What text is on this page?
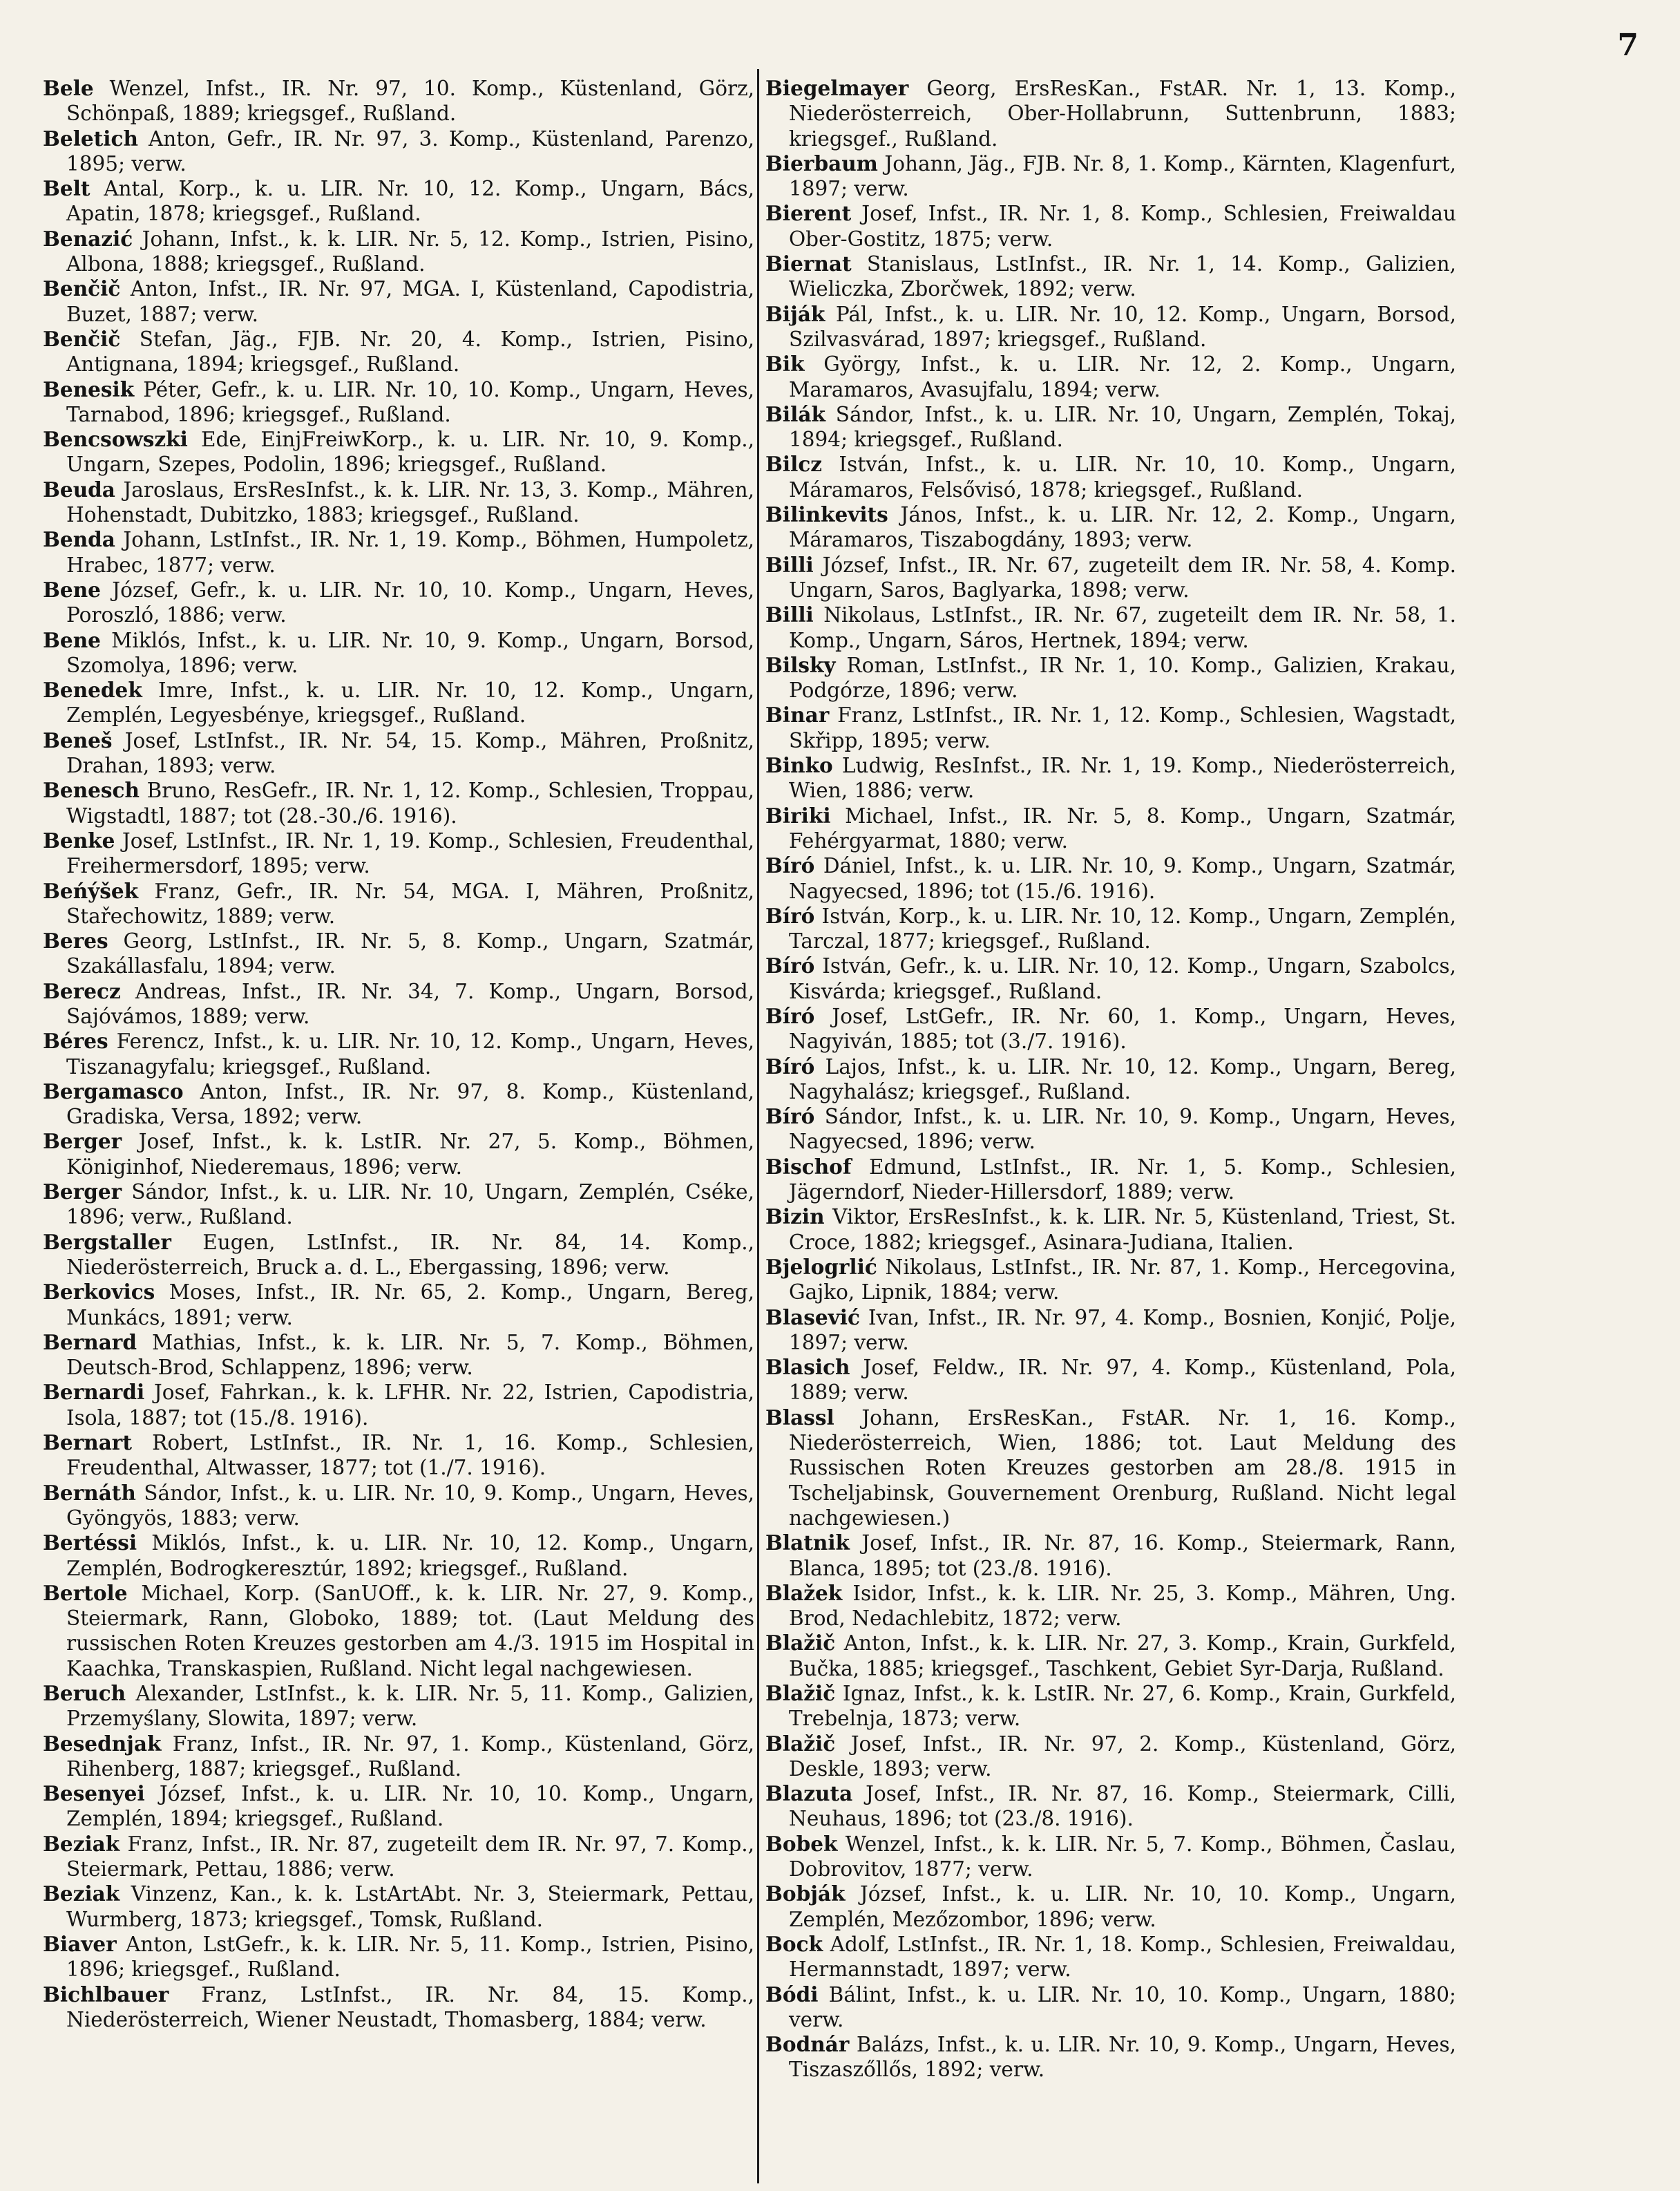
7
Bele Wenzel, Infst., IR. Nr. 97, 10. Komp., Küstenland, Görz, Schönpaß, 1889; kriegsgef., Rußland.
Beletich Anton, Gefr., IR. Nr. 97, 3. Komp., Küstenland, Parenzo, 1895; verw.
Belt Antal, Korp., k. u. LIR. Nr. 10, 12. Komp., Ungarn, Bács, Apatin, 1878; kriegsgef., Rußland.
Benazić Johann, Infst., k. k. LIR. Nr. 5, 12. Komp., Istrien, Pisino, Albona, 1888; kriegsgef., Rußland.
Benčič Anton, Infst., IR. Nr. 97, MGA. I, Küstenland, Capodistria, Buzet, 1887; verw.
Benčič Stefan, Jäg., FJB. Nr. 20, 4. Komp., Istrien, Pisino, Antignana, 1894; kriegsgef., Rußland.
Benesik Péter, Gefr., k. u. LIR. Nr. 10, 10. Komp., Ungarn, Heves, Tarnabod, 1896; kriegsgef., Rußland.
Bencsowszki Ede, EinjFreiwKorp., k. u. LIR. Nr. 10, 9. Komp., Ungarn, Szepes, Podolin, 1896; kriegsgef., Rußland.
Beuda Jaroslaus, ErsResInfst., k. k. LIR. Nr. 13, 3. Komp., Mähren, Hohenstadt, Dubitzko, 1883; kriegsgef., Rußland.
Benda Johann, LstInfst., IR. Nr. 1, 19. Komp., Böhmen, Humpoletz, Hrabec, 1877; verw.
Bene József, Gefr., k. u. LIR. Nr. 10, 10. Komp., Ungarn, Heves, Poroszló, 1886; verw.
Bene Miklós, Infst., k. u. LIR. Nr. 10, 9. Komp., Ungarn, Borsod, Szomolya, 1896; verw.
Benedek Imre, Infst., k. u. LIR. Nr. 10, 12. Komp., Ungarn, Zemplén, Legyesbénye, kriegsgef., Rußland.
Beneš Josef, LstInfst., IR. Nr. 54, 15. Komp., Mähren, Proßnitz, Drahan, 1893; verw.
Benesch Bruno, ResGefr., IR. Nr. 1, 12. Komp., Schlesien, Troppau, Wigstadtl, 1887; tot (28.-30./6. 1916).
Benke Josef, LstInfst., IR. Nr. 1, 19. Komp., Schlesien, Freudenthal, Freihermersdorf, 1895; verw.
Beńýšek Franz, Gefr., IR. Nr. 54, MGA. I, Mähren, Proßnitz, Stařechowitz, 1889; verw.
Beres Georg, LstInfst., IR. Nr. 5, 8. Komp., Ungarn, Szatmár, Szakállasfalu, 1894; verw.
Berecz Andreas, Infst., IR. Nr. 34, 7. Komp., Ungarn, Borsod, Sajóvámos, 1889; verw.
Béres Ferencz, Infst., k. u. LIR. Nr. 10, 12. Komp., Ungarn, Heves, Tiszanagyfalu; kriegsgef., Rußland.
Bergamasco Anton, Infst., IR. Nr. 97, 8. Komp., Küstenland, Gradiska, Versa, 1892; verw.
Berger Josef, Infst., k. k. LstIR. Nr. 27, 5. Komp., Böhmen, Königinhof, Niederemaus, 1896; verw.
Berger Sándor, Infst., k. u. LIR. Nr. 10, Ungarn, Zemplén, Cséke, 1896; verw., Rußland.
Bergstaller Eugen, LstInfst., IR. Nr. 84, 14. Komp., Niederösterreich, Bruck a. d. L., Ebergassing, 1896; verw.
Berkovics Moses, Infst., IR. Nr. 65, 2. Komp., Ungarn, Bereg, Munkács, 1891; verw.
Bernard Mathias, Infst., k. k. LIR. Nr. 5, 7. Komp., Böhmen, Deutsch-Brod, Schlappenz, 1896; verw.
Bernardi Josef, Fahrkan., k. k. LFHR. Nr. 22, Istrien, Capodistria, Isola, 1887; tot (15./8. 1916).
Bernart Robert, LstInfst., IR. Nr. 1, 16. Komp., Schlesien, Freudenthal, Altwasser, 1877; tot (1./7. 1916).
Bernáth Sándor, Infst., k. u. LIR. Nr. 10, 9. Komp., Ungarn, Heves, Gyöngyös, 1883; verw.
Bertéssi Miklós, Infst., k. u. LIR. Nr. 10, 12. Komp., Ungarn, Zemplén, Bodrogkeresztúr, 1892; kriegsgef., Rußland.
Bertole Michael, Korp. (SanUOff., k. k. LIR. Nr. 27, 9. Komp., Steiermark, Rann, Globoko, 1889; tot. (Laut Meldung des russischen Roten Kreuzes gestorben am 4./3. 1915 im Hospital in Kaachka, Transkaspien, Rußland. Nicht legal nachgewiesen.
Beruch Alexander, LstInfst., k. k. LIR. Nr. 5, 11. Komp., Galizien, Przemyślany, Slowita, 1897; verw.
Besednjak Franz, Infst., IR. Nr. 97, 1. Komp., Küstenland, Görz, Rihenberg, 1887; kriegsgef., Rußland.
Besenyei József, Infst., k. u. LIR. Nr. 10, 10. Komp., Ungarn, Zemplén, 1894; kriegsgef., Rußland.
Beziak Franz, Infst., IR. Nr. 87, zugeteilt dem IR. Nr. 97, 7. Komp., Steiermark, Pettau, 1886; verw.
Beziak Vinzenz, Kan., k. k. LstArtAbt. Nr. 3, Steiermark, Pettau, Wurmberg, 1873; kriegsgef., Tomsk, Rußland.
Biaver Anton, LstGefr., k. k. LIR. Nr. 5, 11. Komp., Istrien, Pisino, 1896; kriegsgef., Rußland.
Bichlbauer Franz, LstInfst., IR. Nr. 84, 15. Komp., Niederösterreich, Wiener Neustadt, Thomasberg, 1884; verw.
Biegelmayer Georg, ErsResKan., FstAR. Nr. 1, 13. Komp., Niederösterreich, Ober-Hollabrunn, Suttenbrunn, 1883; kriegsgef., Rußland.
Bierbaum Johann, Jäg., FJB. Nr. 8, 1. Komp., Kärnten, Klagenfurt, 1897; verw.
Bierent Josef, Infst., IR. Nr. 1, 8. Komp., Schlesien, Freiwaldau Ober-Gostitz, 1875; verw.
Biernat Stanislaus, LstInfst., IR. Nr. 1, 14. Komp., Galizien, Wieliczka, Zborčwek, 1892; verw.
Biják Pál, Infst., k. u. LIR. Nr. 10, 12. Komp., Ungarn, Borsod, Szilvasvárad, 1897; kriegsgef., Rußland.
Bik György, Infst., k. u. LIR. Nr. 12, 2. Komp., Ungarn, Maramaros, Avasujfalu, 1894; verw.
Bilák Sándor, Infst., k. u. LIR. Nr. 10, Ungarn, Zemplén, Tokaj, 1894; kriegsgef., Rußland.
Bilcz István, Infst., k. u. LIR. Nr. 10, 10. Komp., Ungarn, Máramaros, Felsővisó, 1878; kriegsgef., Rußland.
Bilinkevits János, Infst., k. u. LIR. Nr. 12, 2. Komp., Ungarn, Máramaros, Tiszabogdány, 1893; verw.
Billi József, Infst., IR. Nr. 67, zugeteilt dem IR. Nr. 58, 4. Komp. Ungarn, Saros, Baglyarka, 1898; verw.
Billi Nikolaus, LstInfst., IR. Nr. 67, zugeteilt dem IR. Nr. 58, 1. Komp., Ungarn, Sáros, Hertnek, 1894; verw.
Bilsky Roman, LstInfst., IR Nr. 1, 10. Komp., Galizien, Krakau, Podgórze, 1896; verw.
Binar Franz, LstInfst., IR. Nr. 1, 12. Komp., Schlesien, Wagstadt, Skřipp, 1895; verw.
Binko Ludwig, ResInfst., IR. Nr. 1, 19. Komp., Niederösterreich, Wien, 1886; verw.
Biriki Michael, Infst., IR. Nr. 5, 8. Komp., Ungarn, Szatmár, Fehérgyarmat, 1880; verw.
Bíró Dániel, Infst., k. u. LIR. Nr. 10, 9. Komp., Ungarn, Szatmár, Nagyecsed, 1896; tot (15./6. 1916).
Bíró István, Korp., k. u. LIR. Nr. 10, 12. Komp., Ungarn, Zemplén, Tarczal, 1877; kriegsgef., Rußland.
Bíró István, Gefr., k. u. LIR. Nr. 10, 12. Komp., Ungarn, Szabolcs, Kisvárda; kriegsgef., Rußland.
Bíró Josef, LstGefr., IR. Nr. 60, 1. Komp., Ungarn, Heves, Nagyiván, 1885; tot (3./7. 1916).
Bíró Lajos, Infst., k. u. LIR. Nr. 10, 12. Komp., Ungarn, Bereg, Nagyhalász; kriegsgef., Rußland.
Bíró Sándor, Infst., k. u. LIR. Nr. 10, 9. Komp., Ungarn, Heves, Nagyecsed, 1896; verw.
Bischof Edmund, LstInfst., IR. Nr. 1, 5. Komp., Schlesien, Jägerndorf, Nieder-Hillersdorf, 1889; verw.
Bizin Viktor, ErsResInfst., k. k. LIR. Nr. 5, Küstenland, Triest, St. Croce, 1882; kriegsgef., Asinara-Judiana, Italien.
Bjelogrlić Nikolaus, LstInfst., IR. Nr. 87, 1. Komp., Hercegovina, Gajko, Lipnik, 1884; verw.
Blasević Ivan, Infst., IR. Nr. 97, 4. Komp., Bosnien, Konjić, Polje, 1897; verw.
Blasich Josef, Feldw., IR. Nr. 97, 4. Komp., Küstenland, Pola, 1889; verw.
Blassl Johann, ErsResKan., FstAR. Nr. 1, 16. Komp., Niederösterreich, Wien, 1886; tot. Laut Meldung des Russischen Roten Kreuzes gestorben am 28./8. 1915 in Tscheljabinsk, Gouvernement Orenburg, Rußland. Nicht legal nachgewiesen.)
Blatnik Josef, Infst., IR. Nr. 87, 16. Komp., Steiermark, Rann, Blanca, 1895; tot (23./8. 1916).
Blažek Isidor, Infst., k. k. LIR. Nr. 25, 3. Komp., Mähren, Ung. Brod, Nedachlebitz, 1872; verw.
Blažič Anton, Infst., k. k. LIR. Nr. 27, 3. Komp., Krain, Gurkfeld, Bučka, 1885; kriegsgef., Taschkent, Gebiet Syr-Darja, Rußland.
Blažič Ignaz, Infst., k. k. LstIR. Nr. 27, 6. Komp., Krain, Gurkfeld, Trebelnja, 1873; verw.
Blažič Josef, Infst., IR. Nr. 97, 2. Komp., Küstenland, Görz, Deskle, 1893; verw.
Blazuta Josef, Infst., IR. Nr. 87, 16. Komp., Steiermark, Cilli, Neuhaus, 1896; tot (23./8. 1916).
Bobek Wenzel, Infst., k. k. LIR. Nr. 5, 7. Komp., Böhmen, Časlau, Dobrovitov, 1877; verw.
Bobják József, Infst., k. u. LIR. Nr. 10, 10. Komp., Ungarn, Zemplén, Mezőzombor, 1896; verw.
Bock Adolf, LstInfst., IR. Nr. 1, 18. Komp., Schlesien, Freiwaldau, Hermannstadt, 1897; verw.
Bódi Bálint, Infst., k. u. LIR. Nr. 10, 10. Komp., Ungarn, 1880; verw.
Bodnár Balázs, Infst., k. u. LIR. Nr. 10, 9. Komp., Ungarn, Heves, Tiszaszőllős, 1892; verw.
